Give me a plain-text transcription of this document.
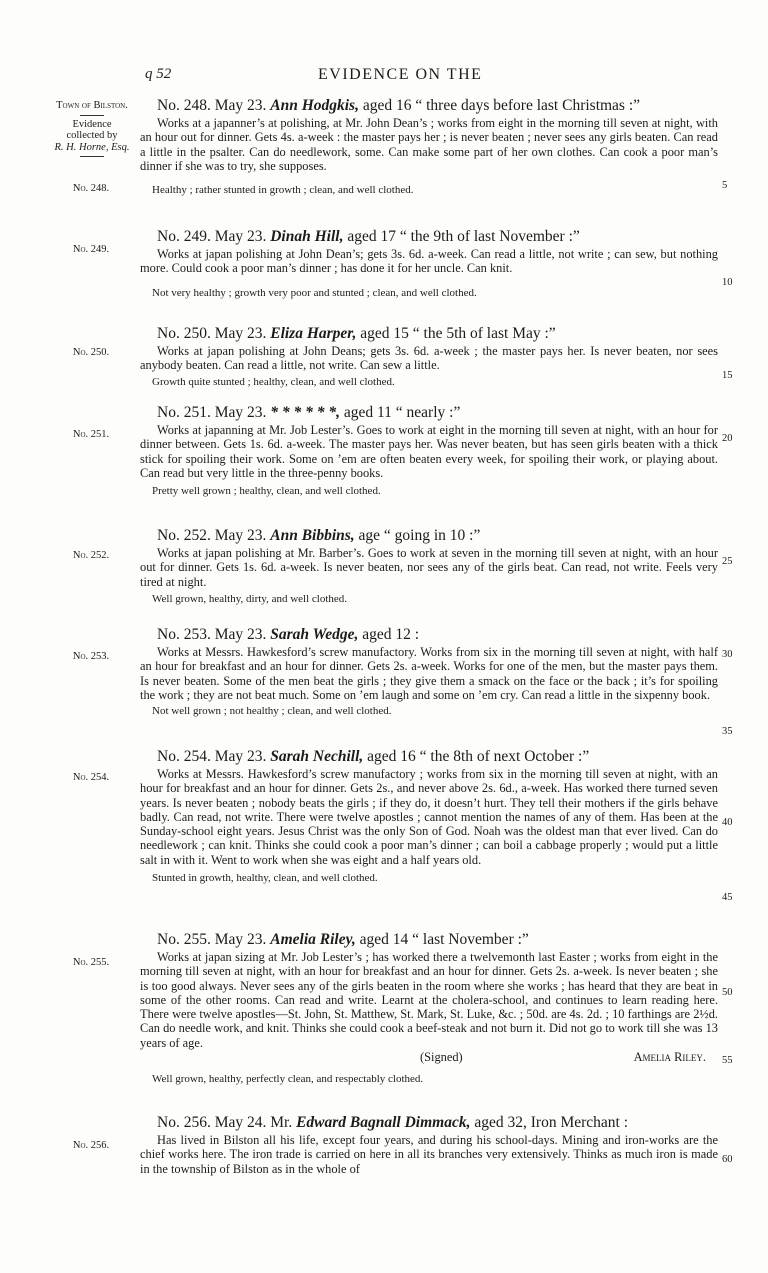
q 52	EVIDENCE ON THE
Town of Bilston.
Evidence
collected by
R. H. Horne, Esq.
No. 248.
No. 249.
No. 250.
No. 251.
No. 252.
No. 253.
No. 254.
No. 255.
No. 256.
5
10
15
20
25
30
35
40
45
50
55
60
No. 248. May 23. Ann Hodgkis, aged 16 “ three days before last Christmas :”
Works at a japanner’s at polishing, at Mr. John Dean’s ; works from eight in the morning till seven at night, with an hour out for dinner. Gets 4s. a-week : the master pays her ; is never beaten ; never sees any girls beaten. Can read a little in the psalter. Can do needlework, some. Can make some part of her own clothes. Can cook a poor man’s dinner if she was to try, she supposes.
Healthy ; rather stunted in growth ; clean, and well clothed.
No. 249. May 23. Dinah Hill, aged 17 “ the 9th of last November :”
Works at japan polishing at John Dean’s; gets 3s. 6d. a-week. Can read a little, not write ; can sew, but nothing more. Could cook a poor man’s dinner ; has done it for her uncle. Can knit.
Not very healthy ; growth very poor and stunted ; clean, and well clothed.
No. 250. May 23. Eliza Harper, aged 15 “ the 5th of last May :”
Works at japan polishing at John Deans; gets 3s. 6d. a-week ; the master pays her. Is never beaten, nor sees anybody beaten. Can read a little, not write. Can sew a little.
Growth quite stunted ; healthy, clean, and well clothed.
No. 251. May 23. * * * * * *, aged 11 “ nearly :”
Works at japanning at Mr. Job Lester’s. Goes to work at eight in the morning till seven at night, with an hour for dinner between. Gets 1s. 6d. a-week. The master pays her. Was never beaten, but has seen girls beaten with a thick stick for spoiling their work. Some on ’em are often beaten every week, for spoiling their work, or playing about. Can read but very little in the three-penny books.
Pretty well grown ; healthy, clean, and well clothed.
No. 252. May 23. Ann Bibbins, age “ going in 10 :”
Works at japan polishing at Mr. Barber’s. Goes to work at seven in the morning till seven at night, with an hour out for dinner. Gets 1s. 6d. a-week. Is never beaten, nor sees any of the girls beat. Can read, not write. Feels very tired at night.
Well grown, healthy, dirty, and well clothed.
No. 253. May 23. Sarah Wedge, aged 12 :
Works at Messrs. Hawkesford’s screw manufactory. Works from six in the morning till seven at night, with half an hour for breakfast and an hour for dinner. Gets 2s. a-week. Works for one of the men, but the master pays them. Is never beaten. Some of the men beat the girls ; they give them a smack on the face or the back ; it’s for spoiling the work ; they are not beat much. Some on ’em laugh and some on ’em cry. Can read a little in the sixpenny book.
Not well grown ; not healthy ; clean, and well clothed.
No. 254. May 23. Sarah Nechill, aged 16 “ the 8th of next October :”
Works at Messrs. Hawkesford’s screw manufactory ; works from six in the morning till seven at night, with an hour for breakfast and an hour for dinner. Gets 2s., and never above 2s. 6d., a-week. Has worked there turned seven years. Is never beaten ; nobody beats the girls ; if they do, it doesn’t hurt. They tell their mothers if the girls behave badly. Can read, not write. There were twelve apostles ; cannot mention the names of any of them. Has been at the Sunday-school eight years. Jesus Christ was the only Son of God. Noah was the oldest man that ever lived. Can do needlework ; can knit. Thinks she could cook a poor man’s dinner ; can boil a cabbage properly ; would put a little salt in with it. Went to work when she was eight and a half years old.
Stunted in growth, healthy, clean, and well clothed.
No. 255. May 23. Amelia Riley, aged 14 “ last November :”
Works at japan sizing at Mr. Job Lester’s ; has worked there a twelvemonth last Easter ; works from eight in the morning till seven at night, with an hour for breakfast and an hour for dinner. Gets 2s. a-week. Is never beaten ; she is too good always. Never sees any of the girls beaten in the room where she works ; has heard that they are beat in some of the other rooms. Can read and write. Learnt at the cholera-school, and continues to learn reading here. There were twelve apostles—St. John, St. Matthew, St. Mark, St. Luke, &c. ; 50d. are 4s. 2d. ; 10 farthings are 2½d. Can do needle work, and knit. Thinks she could cook a beef-steak and not burn it. Did not go to work till she was 13 years of age.
(Signed)	Amelia Riley.
Well grown, healthy, perfectly clean, and respectably clothed.
No. 256. May 24. Mr. Edward Bagnall Dimmack, aged 32, Iron Merchant :
Has lived in Bilston all his life, except four years, and during his school-days. Mining and iron-works are the chief works here. The iron trade is carried on here in all its branches very extensively. Thinks as much iron is made in the township of Bilston as in the whole of
